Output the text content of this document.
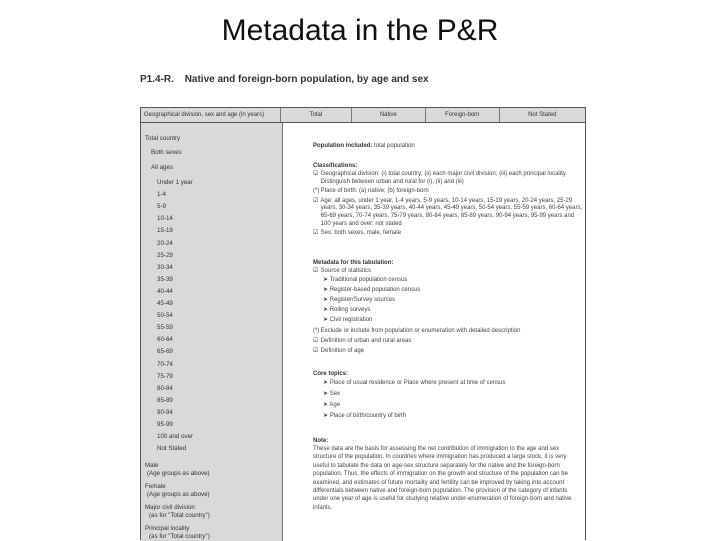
Metadata in the P&R
P1.4-R. Native and foreign-born population, by age and sex
Geographical division, sex and age (in years)	Total	Native	Foreign-born	Not Stated
Total country
Both sexes
All ages
Under 1 year
1-4
5-9
10-14
15-19
20-24
25-29
30-34
35-39
40-44
45-49
50-54
55-59
60-64
65-69
70-74
75-79
80-84
85-89
90-94
95-99
100 and over
Not Stated
Male
(Age groups as above)
Female
(Age groups as above)
Major civil division
(as for "Total country")
Principal locality
(as for "Total country")
Population included: total population
Classifications:
☑ Geographical division: (i) total country; (ii) each major civil division; (iii) each principal locality.
Distinguish between urban and rural for (i), (ii) and (iii)
(*) Place of birth: (a) native; (b) foreign-born
☑ Age: all ages, under 1 year, 1-4 years, 5-9 years, 10-14 years, 15-19 years, 20-24 years, 25-29
years, 30-34 years, 35-39 years, 40-44 years, 45-49 years, 50-54 years, 55-59 years, 60-64 years,
65-69 years, 70-74 years, 75-79 years, 80-84 years, 85-89 years, 90-94 years, 95-99 years and
100 years and over; not stated
☑ Sex: both sexes, male, female
Metadata for this tabulation:
☑ Source of statistics
➤ Traditional population census
➤ Register-based population census
➤ Register/Survey sources
➤ Rolling surveys
➤ Civil registration
(*) Exclude or include from population or enumeration with detailed description
☑ Definition of urban and rural areas
☑ Definition of age
Core topics:
➤ Place of usual residence or Place where present at time of census
➤ Sex
➤ Age
➤ Place of birth/country of birth
Note:
These data are the basis for assessing the net contribution of immigration to the age and sex
structure of the population. In countries where immigration has produced a large stock, it is very
useful to tabulate the data on age-sex structure separately for the native and the foreign-born
population. Thus, the effects of immigration on the growth and structure of the population can be
examined, and estimates of future mortality and fertility can be improved by taking into account
differentials between native and foreign-born population. The provision of the category of infants
under one year of age is useful for studying relative under-enumeration of foreign-born and native
infants.
